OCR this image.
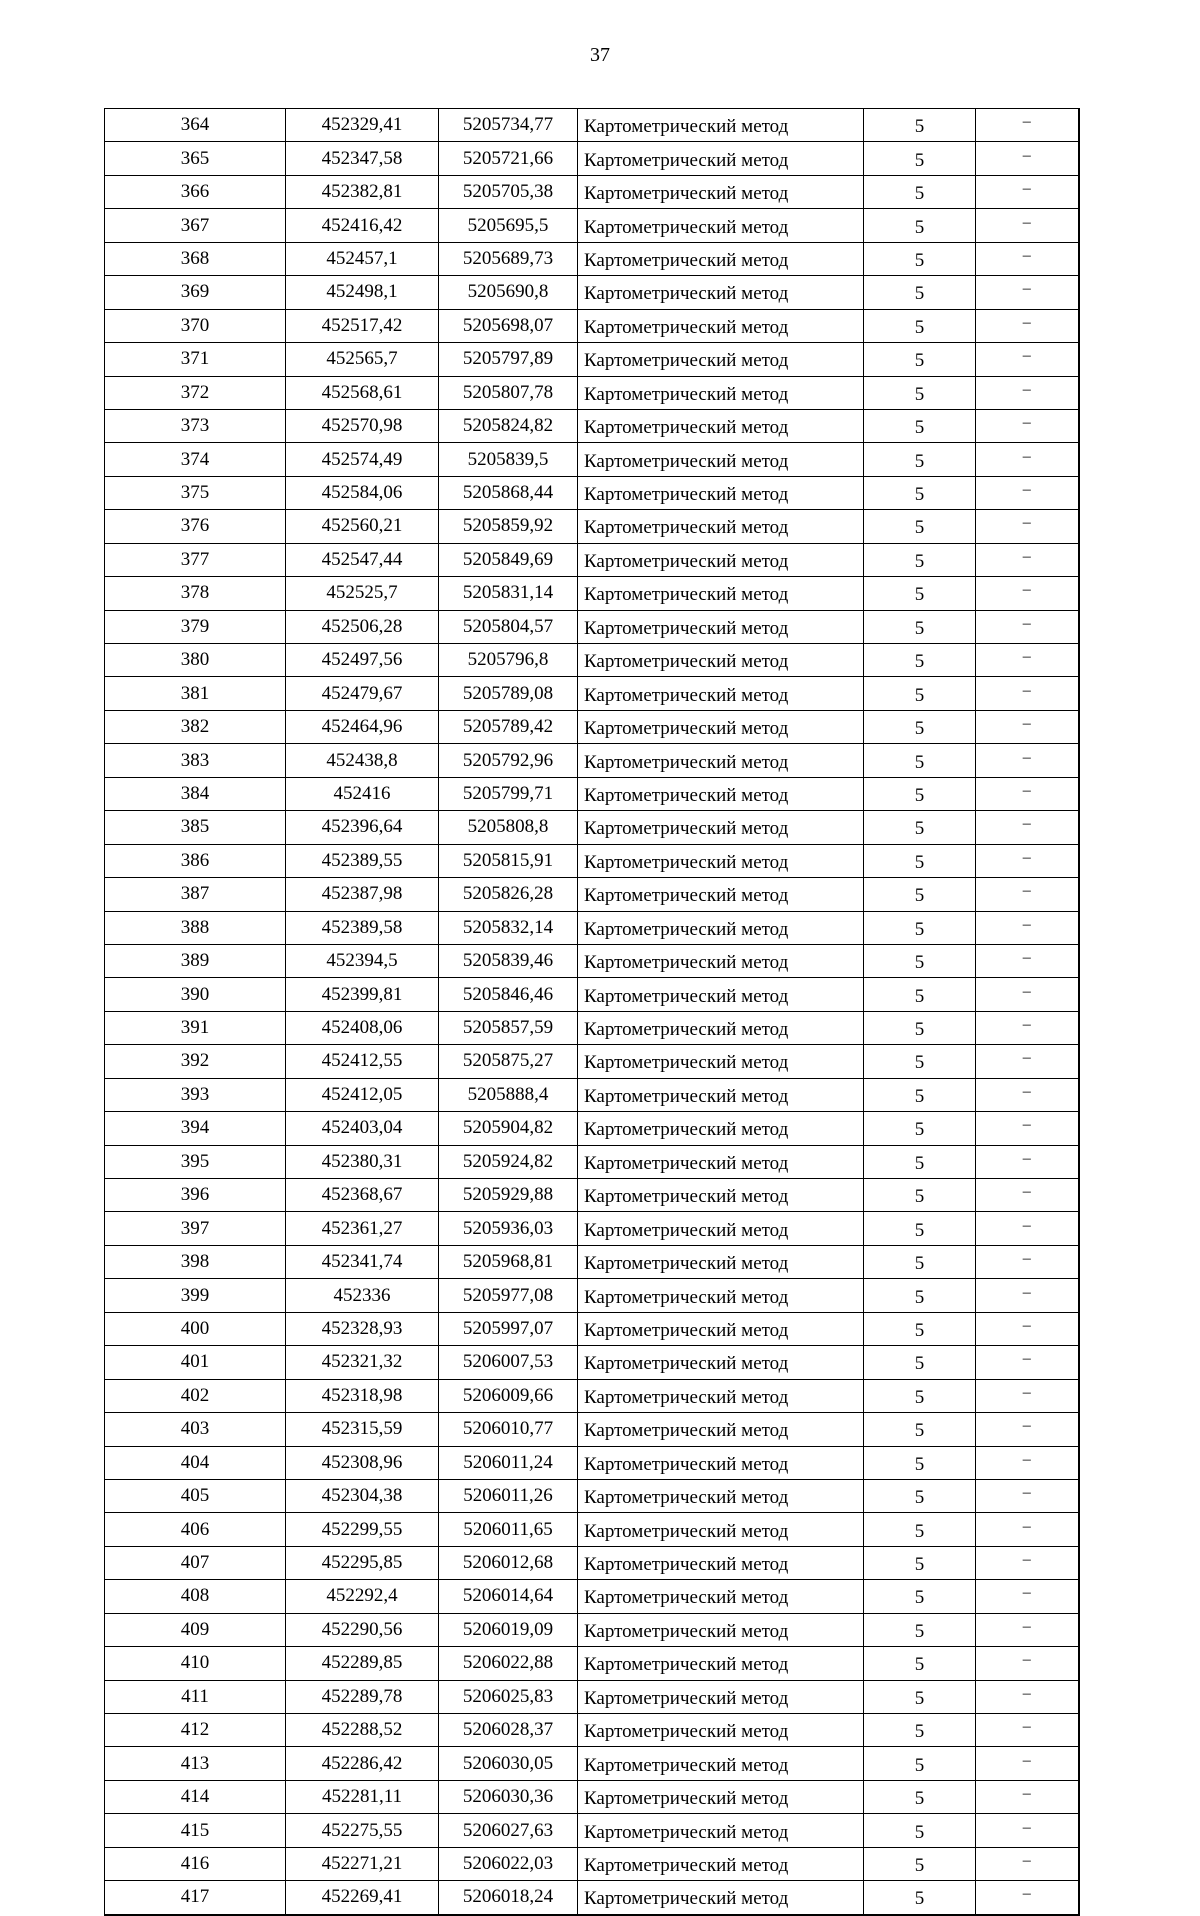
37
364	452329,41	5205734,77	Картометрический метод	5	–
365	452347,58	5205721,66	Картометрический метод	5	–
366	452382,81	5205705,38	Картометрический метод	5	–
367	452416,42	5205695,5	Картометрический метод	5	–
368	452457,1	5205689,73	Картометрический метод	5	–
369	452498,1	5205690,8	Картометрический метод	5	–
370	452517,42	5205698,07	Картометрический метод	5	–
371	452565,7	5205797,89	Картометрический метод	5	–
372	452568,61	5205807,78	Картометрический метод	5	–
373	452570,98	5205824,82	Картометрический метод	5	–
374	452574,49	5205839,5	Картометрический метод	5	–
375	452584,06	5205868,44	Картометрический метод	5	–
376	452560,21	5205859,92	Картометрический метод	5	–
377	452547,44	5205849,69	Картометрический метод	5	–
378	452525,7	5205831,14	Картометрический метод	5	–
379	452506,28	5205804,57	Картометрический метод	5	–
380	452497,56	5205796,8	Картометрический метод	5	–
381	452479,67	5205789,08	Картометрический метод	5	–
382	452464,96	5205789,42	Картометрический метод	5	–
383	452438,8	5205792,96	Картометрический метод	5	–
384	452416	5205799,71	Картометрический метод	5	–
385	452396,64	5205808,8	Картометрический метод	5	–
386	452389,55	5205815,91	Картометрический метод	5	–
387	452387,98	5205826,28	Картометрический метод	5	–
388	452389,58	5205832,14	Картометрический метод	5	–
389	452394,5	5205839,46	Картометрический метод	5	–
390	452399,81	5205846,46	Картометрический метод	5	–
391	452408,06	5205857,59	Картометрический метод	5	–
392	452412,55	5205875,27	Картометрический метод	5	–
393	452412,05	5205888,4	Картометрический метод	5	–
394	452403,04	5205904,82	Картометрический метод	5	–
395	452380,31	5205924,82	Картометрический метод	5	–
396	452368,67	5205929,88	Картометрический метод	5	–
397	452361,27	5205936,03	Картометрический метод	5	–
398	452341,74	5205968,81	Картометрический метод	5	–
399	452336	5205977,08	Картометрический метод	5	–
400	452328,93	5205997,07	Картометрический метод	5	–
401	452321,32	5206007,53	Картометрический метод	5	–
402	452318,98	5206009,66	Картометрический метод	5	–
403	452315,59	5206010,77	Картометрический метод	5	–
404	452308,96	5206011,24	Картометрический метод	5	–
405	452304,38	5206011,26	Картометрический метод	5	–
406	452299,55	5206011,65	Картометрический метод	5	–
407	452295,85	5206012,68	Картометрический метод	5	–
408	452292,4	5206014,64	Картометрический метод	5	–
409	452290,56	5206019,09	Картометрический метод	5	–
410	452289,85	5206022,88	Картометрический метод	5	–
411	452289,78	5206025,83	Картометрический метод	5	–
412	452288,52	5206028,37	Картометрический метод	5	–
413	452286,42	5206030,05	Картометрический метод	5	–
414	452281,11	5206030,36	Картометрический метод	5	–
415	452275,55	5206027,63	Картометрический метод	5	–
416	452271,21	5206022,03	Картометрический метод	5	–
417	452269,41	5206018,24	Картометрический метод	5	–
